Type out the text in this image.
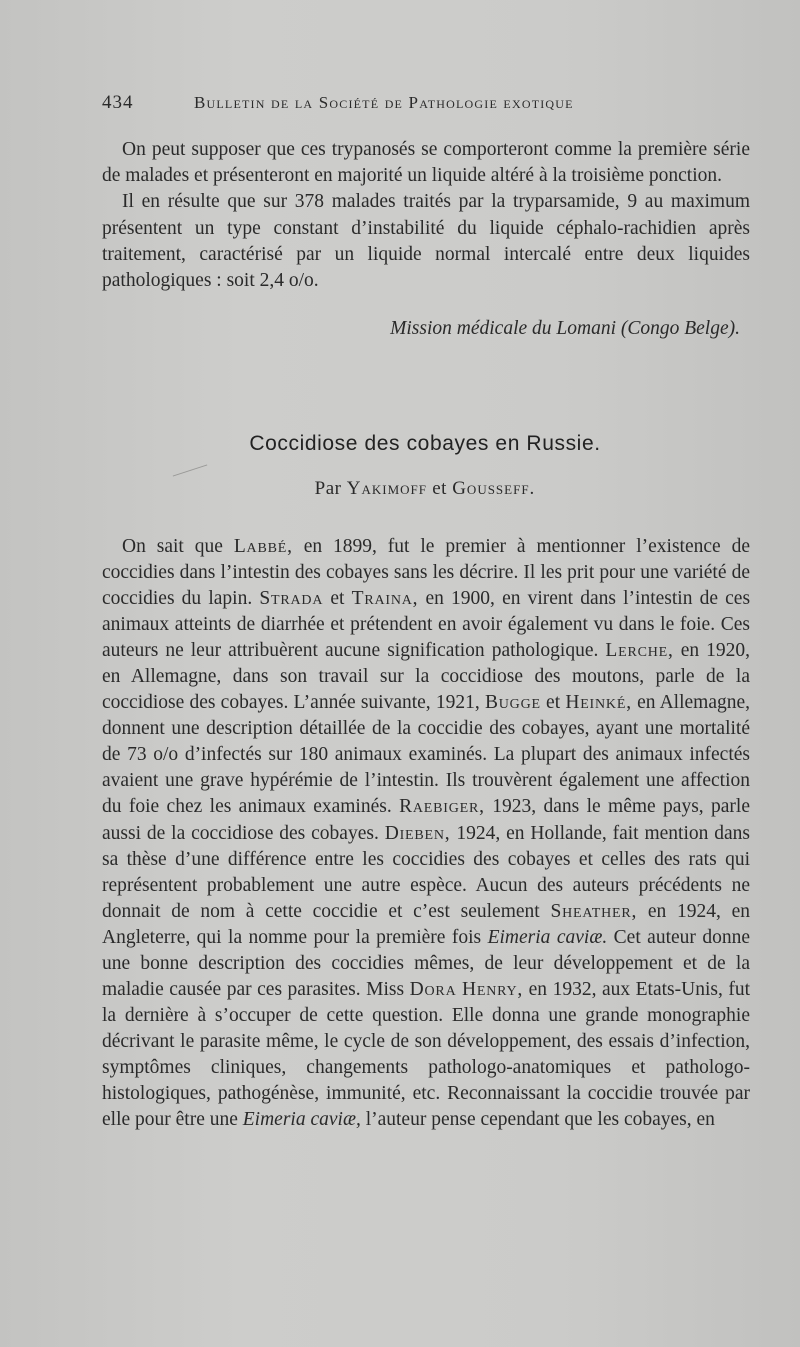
434	Bulletin de la Société de Pathologie exotique

On peut supposer que ces trypanosés se comporteront comme la première série de malades et présenteront en majorité un liquide altéré à la troisième ponction.

Il en résulte que sur 378 malades traités par la tryparsamide, 9 au maximum présentent un type constant d’instabilité du liquide céphalo-rachidien après traitement, caractérisé par un liquide normal intercalé entre deux liquides pathologiques : soit 2,4 o/o.

Mission médicale du Lomani (Congo Belge).
Coccidiose des cobayes en Russie.
Par Yakimoff et Gousseff.

On sait que Labbé, en 1899, fut le premier à mentionner l’existence de coccidies dans l’intestin des cobayes sans les décrire. Il les prit pour une variété de coccidies du lapin. Strada et Traina, en 1900, en virent dans l’intestin de ces animaux atteints de diarrhée et prétendent en avoir également vu dans le foie. Ces auteurs ne leur attribuèrent aucune signification pathologique. Lerche, en 1920, en Allemagne, dans son travail sur la coccidiose des moutons, parle de la coccidiose des cobayes. L’année suivante, 1921, Bugge et Heinké, en Allemagne, donnent une description détaillée de la coccidie des cobayes, ayant une mortalité de 73 o/o d’infectés sur 180 animaux examinés. La plupart des animaux infectés avaient une grave hypérémie de l’intestin. Ils trouvèrent également une affection du foie chez les animaux examinés. Raebiger, 1923, dans le même pays, parle aussi de la coccidiose des cobayes. Dieben, 1924, en Hollande, fait mention dans sa thèse d’une différence entre les coccidies des cobayes et celles des rats qui représentent probablement une autre espèce. Aucun des auteurs précédents ne donnait de nom à cette coccidie et c’est seulement Sheather, en 1924, en Angleterre, qui la nomme pour la première fois Eimeria caviæ. Cet auteur donne une bonne description des coccidies mêmes, de leur développement et de la maladie causée par ces parasites. Miss Dora Henry, en 1932, aux Etats-Unis, fut la dernière à s’occuper de cette question. Elle donna une grande monographie décrivant le parasite même, le cycle de son développement, des essais d’infection, symptômes cliniques, changements pathologo-anatomiques et pathologo-histologiques, pathogénèse, immunité, etc. Reconnaissant la coccidie trouvée par elle pour être une Eimeria caviæ, l’auteur pense cependant que les cobayes, en
